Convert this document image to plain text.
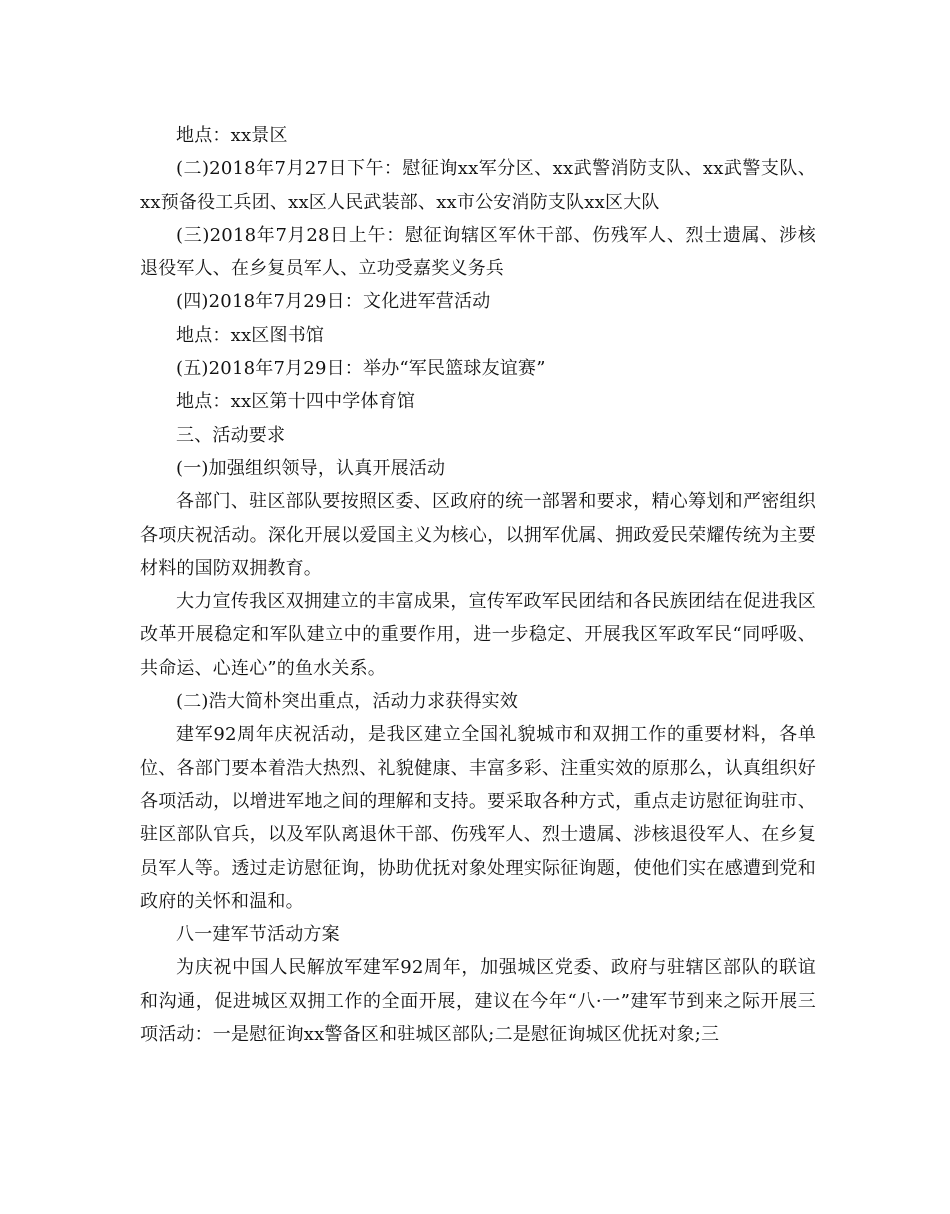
地点：xx景区

(二)2018年7月27日下午：慰征询xx军分区、xx武警消防支队、xx武警支队、xx预备役工兵团、xx区人民武装部、xx市公安消防支队xx区大队

(三)2018年7月28日上午：慰征询辖区军休干部、伤残军人、烈士遗属、涉核退役军人、在乡复员军人、立功受嘉奖义务兵

(四)2018年7月29日：文化进军营活动

地点：xx区图书馆

(五)2018年7月29日：举办“军民篮球友谊赛”

地点：xx区第十四中学体育馆

三、活动要求

(一)加强组织领导，认真开展活动

各部门、驻区部队要按照区委、区政府的统一部署和要求，精心筹划和严密组织各项庆祝活动。深化开展以爱国主义为核心，以拥军优属、拥政爱民荣耀传统为主要材料的国防双拥教育。

大力宣传我区双拥建立的丰富成果，宣传军政军民团结和各民族团结在促进我区改革开展稳定和军队建立中的重要作用，进一步稳定、开展我区军政军民“同呼吸、共命运、心连心”的鱼水关系。

(二)浩大简朴突出重点，活动力求获得实效

建军92周年庆祝活动，是我区建立全国礼貌城市和双拥工作的重要材料，各单位、各部门要本着浩大热烈、礼貌健康、丰富多彩、注重实效的原那么，认真组织好各项活动，以增进军地之间的理解和支持。要采取各种方式，重点走访慰征询驻市、驻区部队官兵，以及军队离退休干部、伤残军人、烈士遗属、涉核退役军人、在乡复员军人等。透过走访慰征询，协助优抚对象处理实际征询题，使他们实在感遭到党和政府的关怀和温和。

八一建军节活动方案

为庆祝中国人民解放军建军92周年，加强城区党委、政府与驻辖区部队的联谊和沟通，促进城区双拥工作的全面开展，建议在今年“八·一”建军节到来之际开展三项活动：一是慰征询xx警备区和驻城区部队;二是慰征询城区优抚对象;三
